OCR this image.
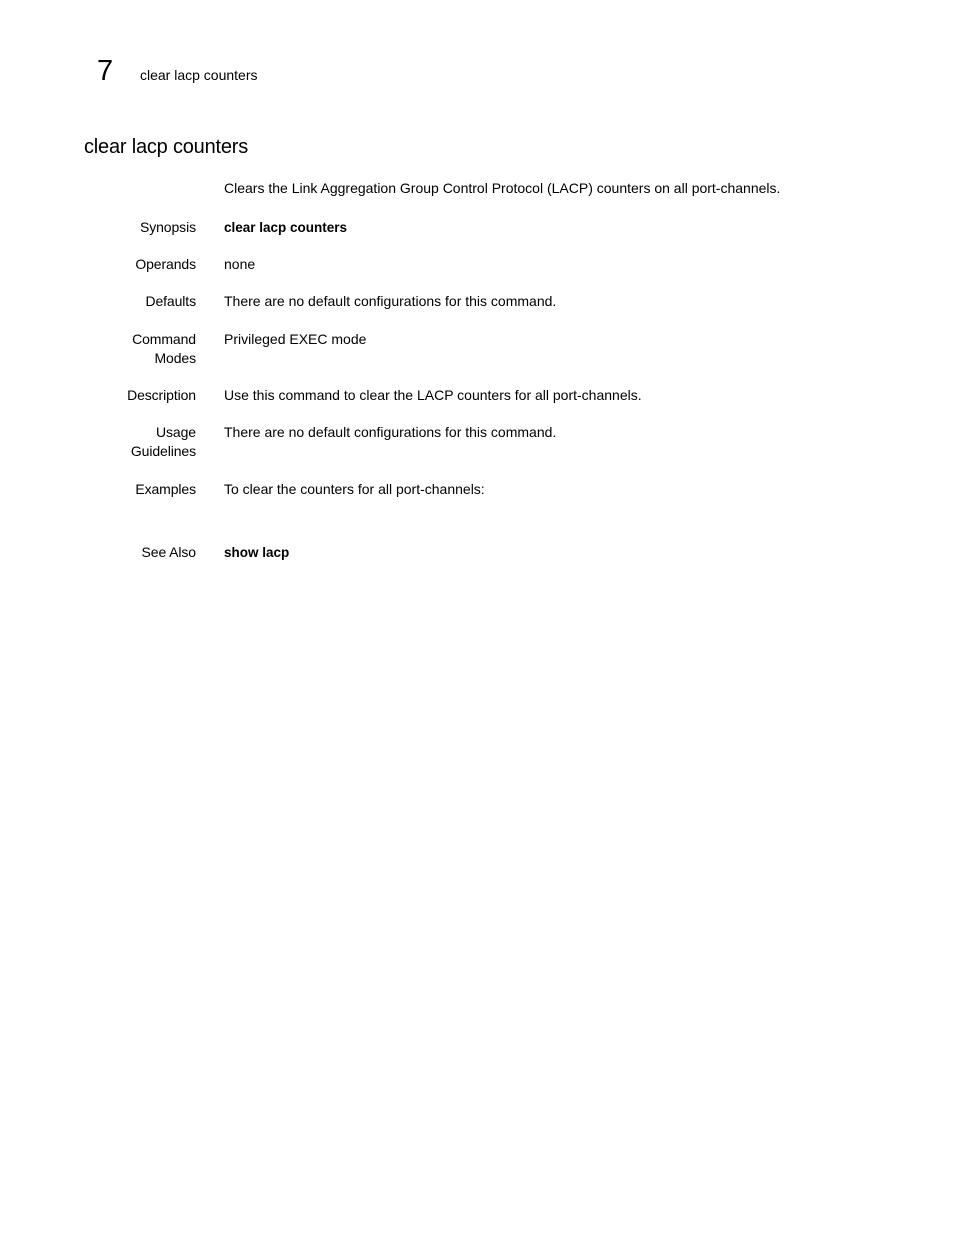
7	clear lacp counters
clear lacp counters
Clears the Link Aggregation Group Control Protocol (LACP) counters on all port-channels.
Synopsis clear lacp counters
Operands none
Defaults There are no default configurations for this command.
Command
Modes
Privileged EXEC mode
Description Use this command to clear the LACP counters for all port-channels.
Usage
Guidelines
There are no default configurations for this command.
Examples To clear the counters for all port-channels:
See Also show lacp
